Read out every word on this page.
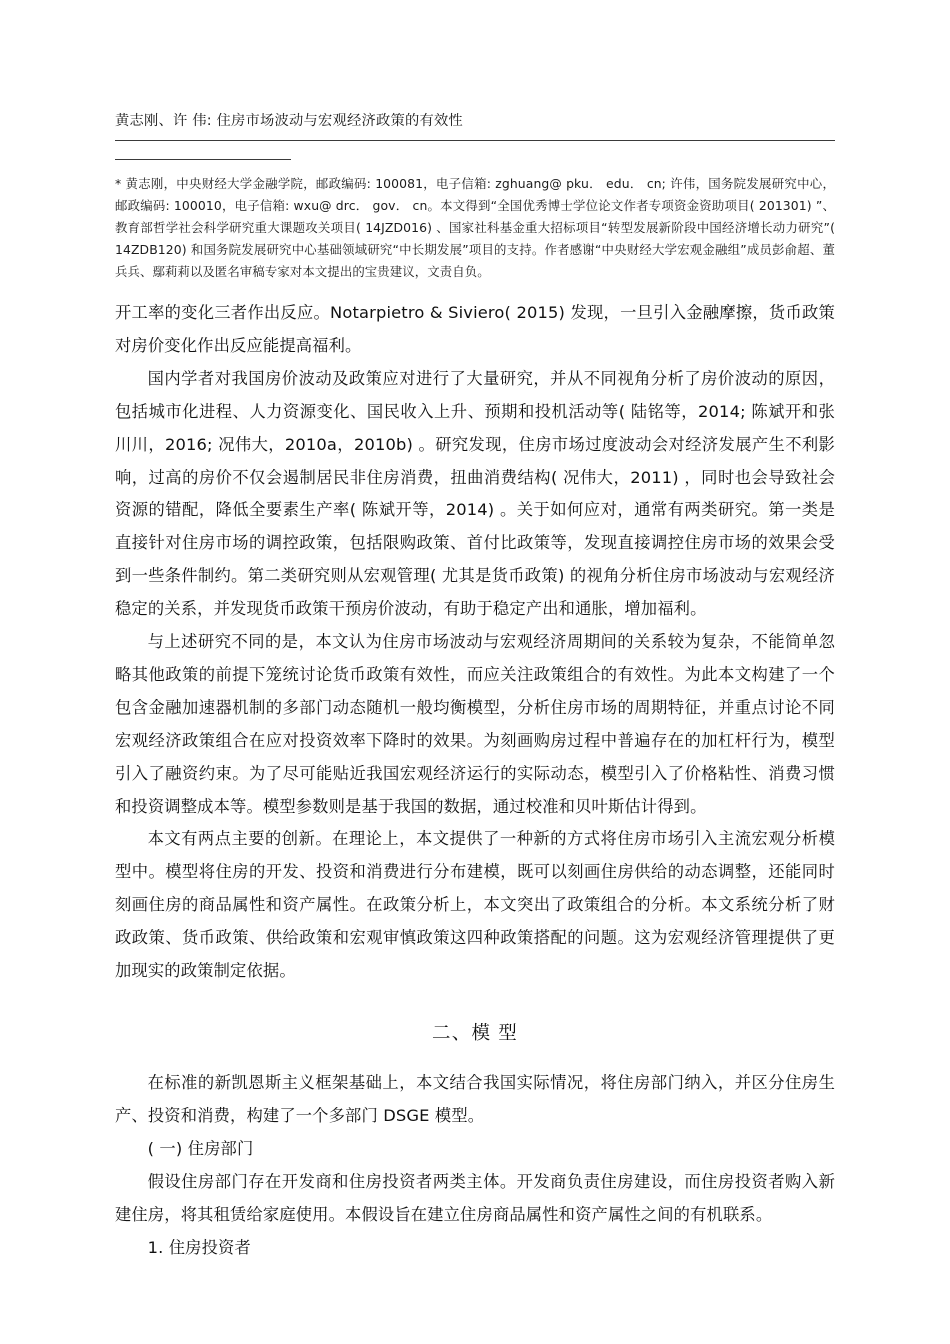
黄志刚、许 伟: 住房市场波动与宏观经济政策的有效性
* 黄志刚，中央财经大学金融学院，邮政编码: 100081，电子信箱: zghuang@ pku． edu． cn; 许伟，国务院发展研究中心，邮政编码: 100010，电子信箱: wxu@ drc． gov． cn。本文得到“全国优秀博士学位论文作者专项资金资助项目( 201301) ”、教育部哲学社会科学研究重大课题攻关项目( 14JZD016) 、国家社科基金重大招标项目“转型发展新阶段中国经济增长动力研究”( 14ZDB120) 和国务院发展研究中心基础领域研究“中长期发展”项目的支持。作者感谢“中央财经大学宏观金融组”成员彭俞超、董兵兵、鄢莉莉以及匿名审稿专家对本文提出的宝贵建议，文责自负。

开工率的变化三者作出反应。Notarpietro & Siviero( 2015) 发现，一旦引入金融摩擦，货币政策对房价变化作出反应能提高福利。

国内学者对我国房价波动及政策应对进行了大量研究，并从不同视角分析了房价波动的原因，包括城市化进程、人力资源变化、国民收入上升、预期和投机活动等( 陆铭等，2014; 陈斌开和张川川，2016; 况伟大，2010a，2010b) 。研究发现，住房市场过度波动会对经济发展产生不利影响，过高的房价不仅会遏制居民非住房消费，扭曲消费结构( 况伟大，2011) ，同时也会导致社会资源的错配，降低全要素生产率( 陈斌开等，2014) 。关于如何应对，通常有两类研究。第一类是直接针对住房市场的调控政策，包括限购政策、首付比政策等，发现直接调控住房市场的效果会受到一些条件制约。第二类研究则从宏观管理( 尤其是货币政策) 的视角分析住房市场波动与宏观经济稳定的关系，并发现货币政策干预房价波动，有助于稳定产出和通胀，增加福利。

与上述研究不同的是，本文认为住房市场波动与宏观经济周期间的关系较为复杂，不能简单忽略其他政策的前提下笼统讨论货币政策有效性，而应关注政策组合的有效性。为此本文构建了一个包含金融加速器机制的多部门动态随机一般均衡模型，分析住房市场的周期特征，并重点讨论不同宏观经济政策组合在应对投资效率下降时的效果。为刻画购房过程中普遍存在的加杠杆行为，模型引入了融资约束。为了尽可能贴近我国宏观经济运行的实际动态，模型引入了价格粘性、消费习惯和投资调整成本等。模型参数则是基于我国的数据，通过校准和贝叶斯估计得到。

本文有两点主要的创新。在理论上，本文提供了一种新的方式将住房市场引入主流宏观分析模型中。模型将住房的开发、投资和消费进行分布建模，既可以刻画住房供给的动态调整，还能同时刻画住房的商品属性和资产属性。在政策分析上，本文突出了政策组合的分析。本文系统分析了财政政策、货币政策、供给政策和宏观审慎政策这四种政策搭配的问题。这为宏观经济管理提供了更加现实的政策制定依据。

二、模 型

在标准的新凯恩斯主义框架基础上，本文结合我国实际情况，将住房部门纳入，并区分住房生产、投资和消费，构建了一个多部门 DSGE 模型。

( 一) 住房部门

假设住房部门存在开发商和住房投资者两类主体。开发商负责住房建设，而住房投资者购入新建住房，将其租赁给家庭使用。本假设旨在建立住房商品属性和资产属性之间的有机联系。

1. 住房投资者
